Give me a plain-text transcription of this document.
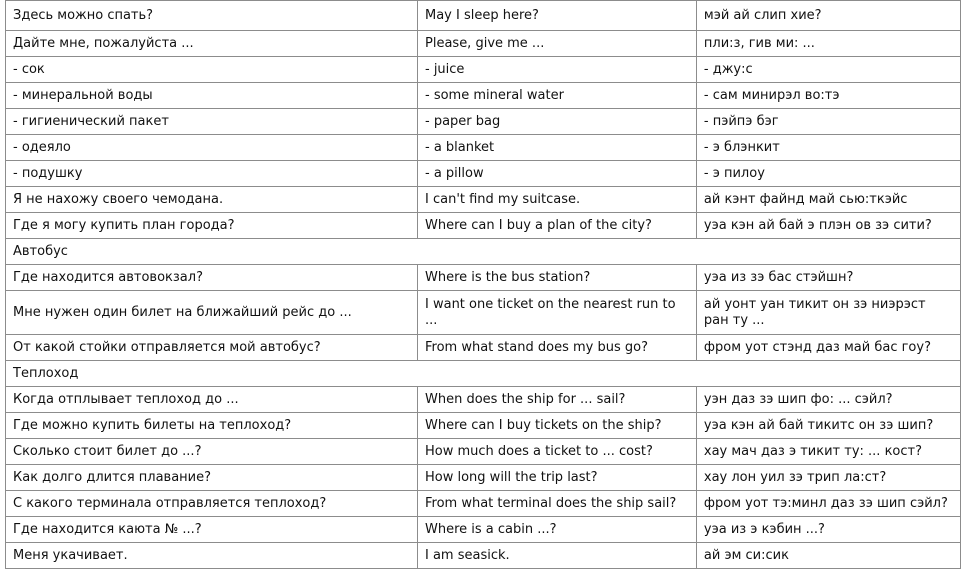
Здесь можно спать?	May I sleep here?	мэй ай слип хие?
Дайте мне, пожалуйста ...	Please, give me ...	пли:з, гив ми: ...
- сок	- juice	- джу:с
- минеральной воды	- some mineral water	- сам минирэл во:тэ
- гигиенический пакет	- paper bag	- пэйпэ бэг
- одеяло	- a blanket	- э блэнкит
- подушку	- a pillow	- э пилоу
Я не нахожу своего чемодана.	I can't find my suitcase.	ай кэнт файнд май сью:ткэйс
Где я могу купить план города?	Where can I buy a plan of the city?	уэа кэн ай бай э плэн ов зэ сити?
Автобус		
Где находится автовокзал?	Where is the bus station?	уэа из зэ бас стэйшн?
Мне нужен один билет на ближайший рейс до ...	I want one ticket on the nearest run to ...	ай уонт уан тикит он зэ ниэрэст ран ту ...
От какой стойки отправляется мой автобус?	From what stand does my bus go?	фром уот стэнд даз май бас гоу?
Теплоход		
Когда отплывает теплоход до ...	When does the ship for ... sail?	уэн даз зэ шип фо: ... сэйл?
Где можно купить билеты на теплоход?	Where can I buy tickets on the ship?	уэа кэн ай бай тикитс он зэ шип?
Сколько стоит билет до ...?	How much does a ticket to ... cost?	хау мач даз э тикит ту: ... кост?
Как долго длится плавание?	How long will the trip last?	хау лон уил зэ трип ла:ст?
С какого терминала отправляется теплоход?	From what terminal does the ship sail?	фром уот тэ:минл даз зэ шип сэйл?
Где находится каюта № ...?	Where is a cabin ...?	уэа из э кэбин ...?
Меня укачивает.	I am seasick.	ай эм си:сик
